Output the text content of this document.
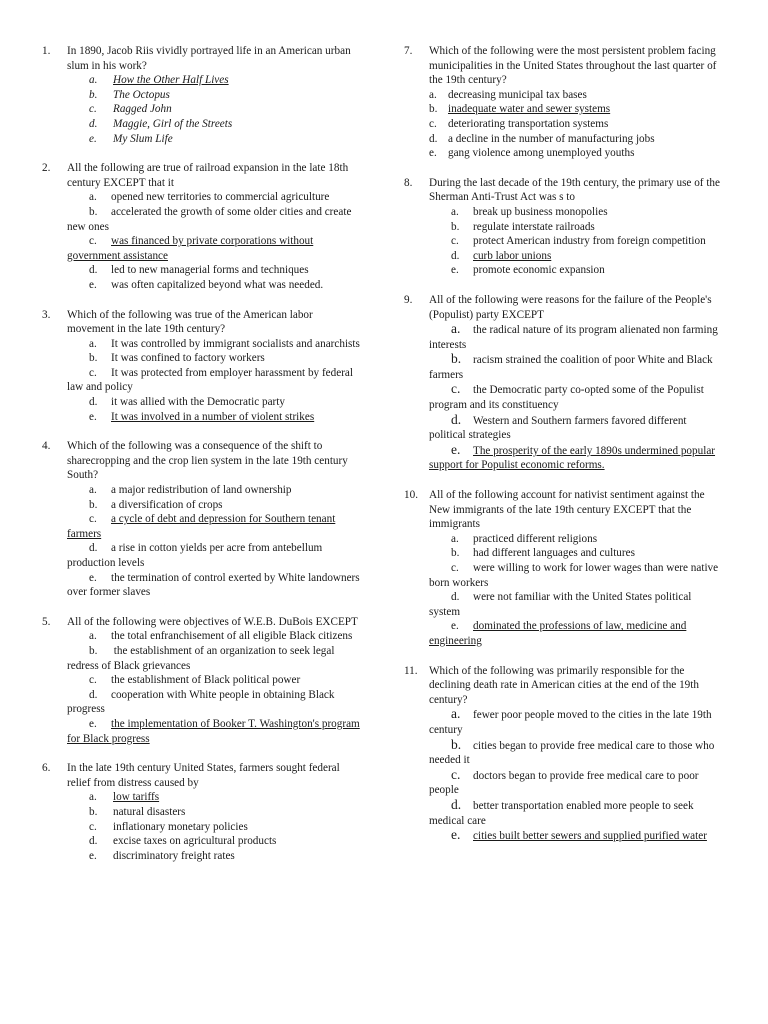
1. In 1890, Jacob Riis vividly portrayed life in an American urban slum in his work?
a. How the Other Half Lives
b. The Octopus
c. Ragged John
d. Maggie, Girl of the Streets
e. My Slum Life
2. All the following are true of railroad expansion in the late 18th century EXCEPT that it
a. opened new territories to commercial agriculture
b. accelerated the growth of some older cities and create new ones
c. was financed by private corporations without government assistance
d. led to new managerial forms and techniques
e. was often capitalized beyond what was needed.
3. Which of the following was true of the American labor movement in the late 19th century?
a. It was controlled by immigrant socialists and anarchists
b. It was confined to factory workers
c. It was protected from employer harassment by federal law and policy
d. it was allied with the Democratic party
e. It was involved in a number of violent strikes
4. Which of the following was a consequence of the shift to sharecropping and the crop lien system in the late 19th century South?
a. a major redistribution of land ownership
b. a diversification of crops
c. a cycle of debt and depression for Southern tenant farmers
d. a rise in cotton yields per acre from antebellum production levels
e. the termination of control exerted by White landowners over former slaves
5. All of the following were objectives of W.E.B. DuBois EXCEPT
a. the total enfranchisement of all eligible Black citizens
b. the establishment of an organization to seek legal redress of Black grievances
c. the establishment of Black political power
d. cooperation with White people in obtaining Black progress
e. the implementation of Booker T. Washington's program for Black progress
6. In the late 19th century United States, farmers sought federal relief from distress caused by
a. low tariffs
b. natural disasters
c. inflationary monetary policies
d. excise taxes on agricultural products
e. discriminatory freight rates
7. Which of the following were the most persistent problem facing municipalities in the United States throughout the last quarter of the 19th century?
a. decreasing municipal tax bases
b. inadequate water and sewer systems
c. deteriorating transportation systems
d. a decline in the number of manufacturing jobs
e. gang violence among unemployed youths
8. During the last decade of the 19th century, the primary use of the Sherman Anti-Trust Act was s to
a. break up business monopolies
b. regulate interstate railroads
c. protect American industry from foreign competition
d. curb labor unions
e. promote economic expansion
9. All of the following were reasons for the failure of the People's (Populist) party EXCEPT
a. the radical nature of its program alienated non farming interests
b. racism strained the coalition of poor White and Black farmers
c. the Democratic party co-opted some of the Populist program and its constituency
d. Western and Southern farmers favored different political strategies
e. The prosperity of the early 1890s undermined popular support for Populist economic reforms.
10. All of the following account for nativist sentiment against the New immigrants of the late 19th century EXCEPT that the immigrants
a. practiced different religions
b. had different languages and cultures
c. were willing to work for lower wages than were native born workers
d. were not familiar with the United States political system
e. dominated the professions of law, medicine and engineering
11. Which of the following was primarily responsible for the declining death rate in American cities at the end of the 19th century?
a. fewer poor people moved to the cities in the late 19th century
b. cities began to provide free medical care to those who needed it
c. doctors began to provide free medical care to poor people
d. better transportation enabled more people to seek medical care
e. cities built better sewers and supplied purified water
